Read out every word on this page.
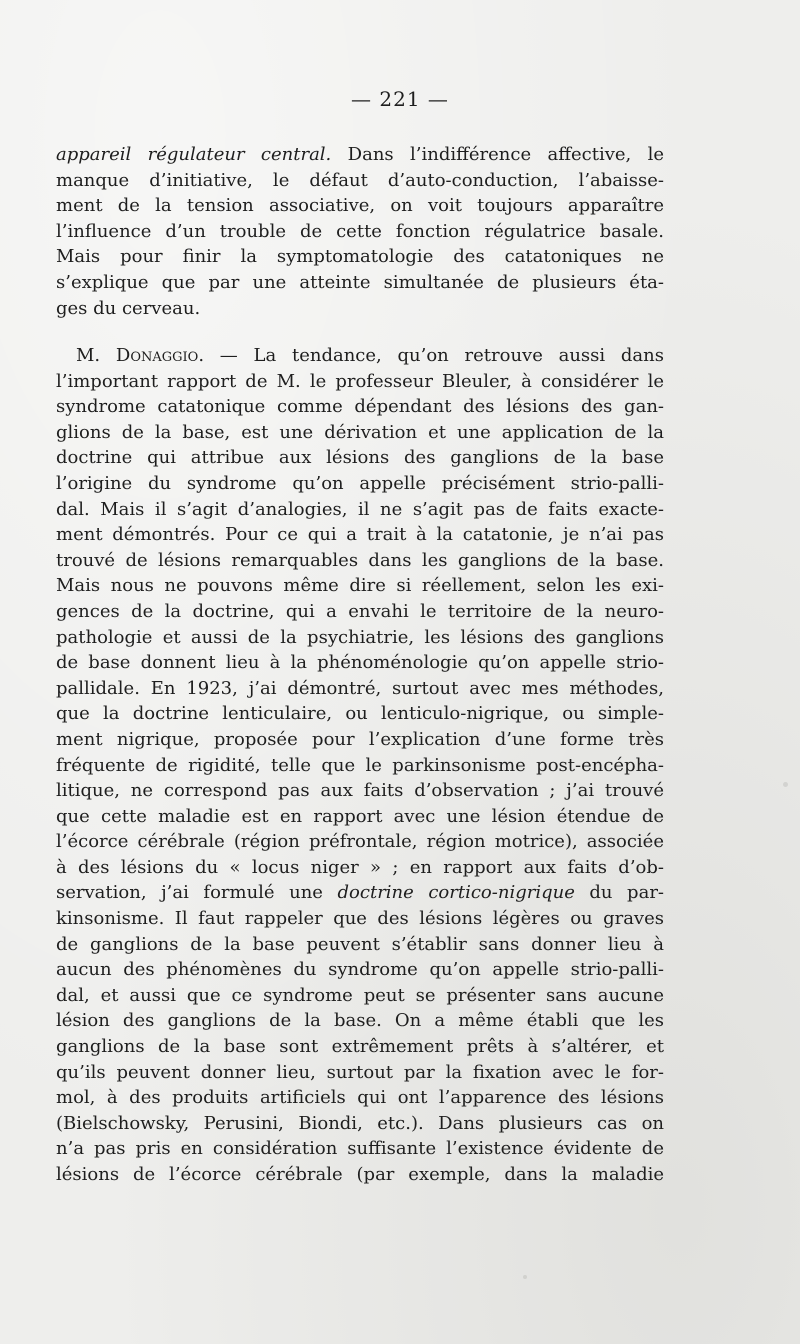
— 221 —
appareil régulateur central. Dans l’indifférence affective, le
manque d’initiative, le défaut d’auto-conduction, l’abaisse-
ment de la tension associative, on voit toujours apparaître
l’influence d’un trouble de cette fonction régulatrice basale.
Mais pour finir la symptomatologie des catatoniques ne
s’explique que par une atteinte simultanée de plusieurs éta-
ges du cerveau.
M. Donaggio. — La tendance, qu’on retrouve aussi dans
l’important rapport de M. le professeur Bleuler, à considérer le
syndrome catatonique comme dépendant des lésions des gan-
glions de la base, est une dérivation et une application de la
doctrine qui attribue aux lésions des ganglions de la base
l’origine du syndrome qu’on appelle précisément strio-palli-
dal. Mais il s’agit d’analogies, il ne s’agit pas de faits exacte-
ment démontrés. Pour ce qui a trait à la catatonie, je n’ai pas
trouvé de lésions remarquables dans les ganglions de la base.
Mais nous ne pouvons même dire si réellement, selon les exi-
gences de la doctrine, qui a envahi le territoire de la neuro-
pathologie et aussi de la psychiatrie, les lésions des ganglions
de base donnent lieu à la phénoménologie qu’on appelle strio-
pallidale. En 1923, j’ai démontré, surtout avec mes méthodes,
que la doctrine lenticulaire, ou lenticulo-nigrique, ou simple-
ment nigrique, proposée pour l’explication d’une forme très
fréquente de rigidité, telle que le parkinsonisme post-encépha-
litique, ne correspond pas aux faits d’observation ; j’ai trouvé
que cette maladie est en rapport avec une lésion étendue de
l’écorce cérébrale (région préfrontale, région motrice), associée
à des lésions du « locus niger » ; en rapport aux faits d’ob-
servation, j’ai formulé une doctrine cortico-nigrique du par-
kinsonisme. Il faut rappeler que des lésions légères ou graves
de ganglions de la base peuvent s’établir sans donner lieu à
aucun des phénomènes du syndrome qu’on appelle strio-palli-
dal, et aussi que ce syndrome peut se présenter sans aucune
lésion des ganglions de la base. On a même établi que les
ganglions de la base sont extrêmement prêts à s’altérer, et
qu’ils peuvent donner lieu, surtout par la fixation avec le for-
mol, à des produits artificiels qui ont l’apparence des lésions
(Bielschowsky, Perusini, Biondi, etc.). Dans plusieurs cas on
n’a pas pris en considération suffisante l’existence évidente de
lésions de l’écorce cérébrale (par exemple, dans la maladie
